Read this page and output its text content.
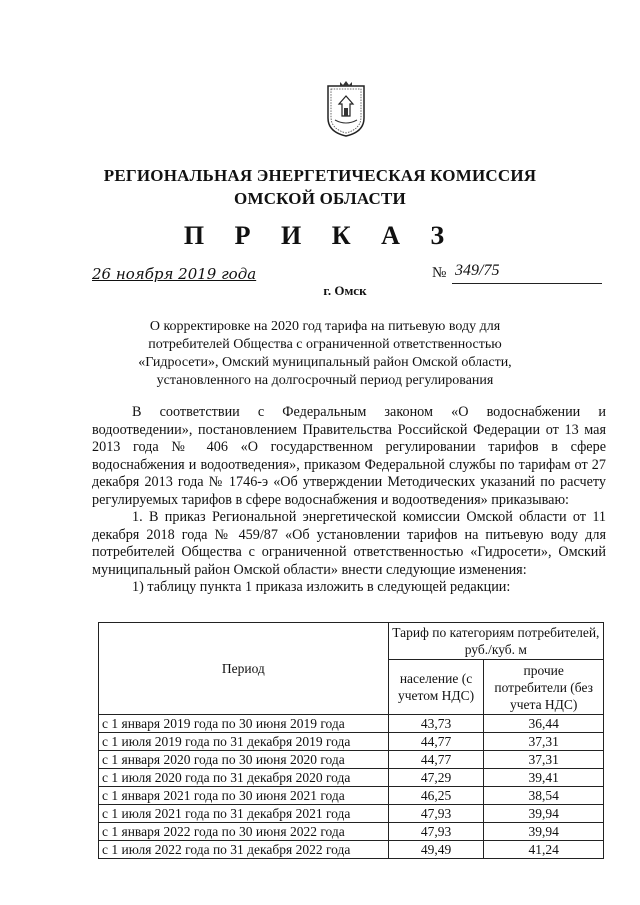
РЕГИОНАЛЬНАЯ ЭНЕРГЕТИЧЕСКАЯ КОМИССИЯ
ОМСКОЙ ОБЛАСТИ
П Р И К А З
26 ноября 2019 года	№ 349/75
г. Омск
О корректировке на 2020 год тарифа на питьевую воду для
потребителей Общества с ограниченной ответственностью
«Гидросети», Омский муниципальный район Омской области,
установленного на долгосрочный период регулирования

В соответствии с Федеральным законом «О водоснабжении и водоотведении», постановлением Правительства Российской Федерации от 13 мая 2013 года № 406 «О государственном регулировании тарифов в сфере водоснабжения и водоотведения», приказом Федеральной службы по тарифам от 27 декабря 2013 года № 1746-э «Об утверждении Методических указаний по расчету регулируемых тарифов в сфере водоснабжения и водоотведения» приказываю:

1. В приказ Региональной энергетической комиссии Омской области от 11 декабря 2018 года № 459/87 «Об установлении тарифов на питьевую воду для потребителей Общества с ограниченной ответственностью «Гидросети», Омский муниципальный район Омской области» внести следующие изменения:

1) таблицу пункта 1 приказа изложить в следующей редакции:

Период	Тариф по категориям потребителей, руб./куб. м	
	население (с учетом НДС)	прочие потребители (без учета НДС)
с 1 января 2019 года по 30 июня 2019 года	43,73	36,44
с 1 июля 2019 года по 31 декабря 2019 года	44,77	37,31
с 1 января 2020 года по 30 июня 2020 года	44,77	37,31
с 1 июля 2020 года по 31 декабря 2020 года	47,29	39,41
с 1 января 2021 года по 30 июня 2021 года	46,25	38,54
с 1 июля 2021 года по 31 декабря 2021 года	47,93	39,94
с 1 января 2022 года по 30 июня 2022 года	47,93	39,94
с 1 июля 2022 года по 31 декабря 2022 года	49,49	41,24
